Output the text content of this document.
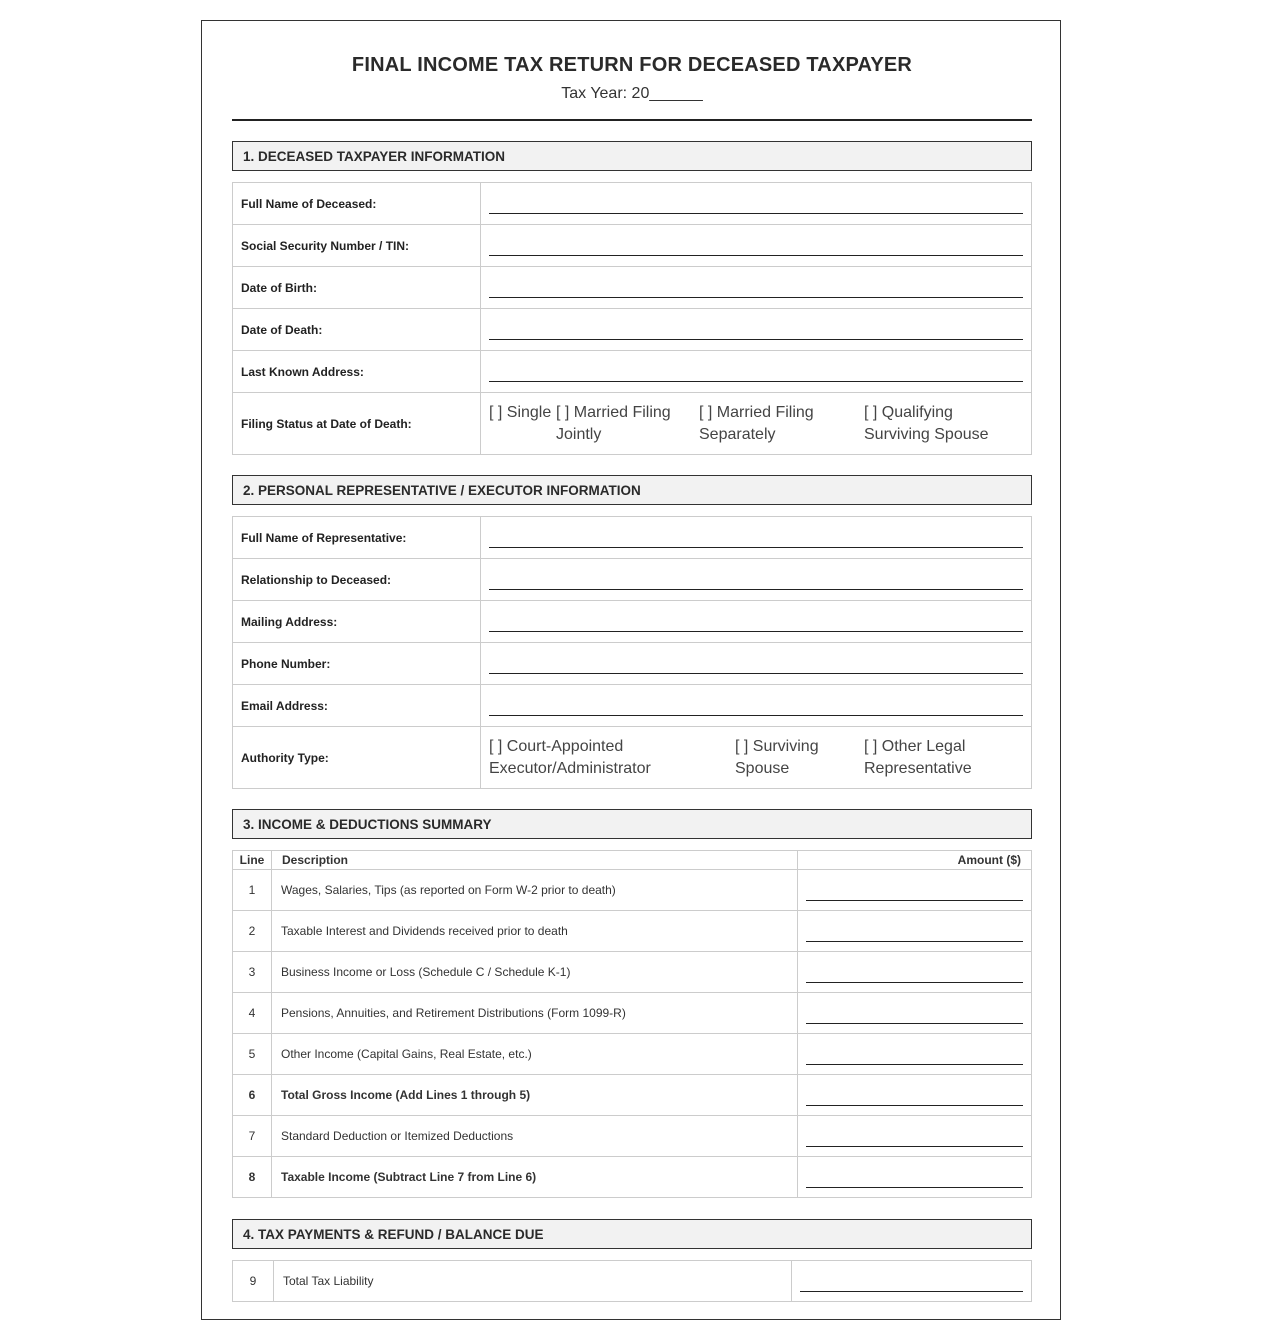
FINAL INCOME TAX RETURN FOR DECEASED TAXPAYER
Tax Year: 20______
1. DECEASED TAXPAYER INFORMATION
Full Name of Deceased:	

Social Security Number / TIN:	

Date of Birth:	

Date of Death:	

Last Known Address:	

Filing Status at Date of Death:	[ ] Single [ ] Married Filing Jointly
[ ] Married Filing Separately
[ ] Qualifying Surviving Spouse
2. PERSONAL REPRESENTATIVE / EXECUTOR INFORMATION
Full Name of Representative:	

Relationship to Deceased:	

Mailing Address:	

Phone Number:	

Email Address:	

Authority Type:	[ ] Court-Appointed Executor/Administrator
[ ] Surviving Spouse
[ ] Other Legal Representative
3. INCOME & DEDUCTIONS SUMMARY
Line	Description	Amount ($)
1	Wages, Salaries, Tips (as reported on Form W-2 prior to death)	

2	Taxable Interest and Dividends received prior to death	

3	Business Income or Loss (Schedule C / Schedule K-1)	

4	Pensions, Annuities, and Retirement Distributions (Form 1099-R)	

5	Other Income (Capital Gains, Real Estate, etc.)	

6	Total Gross Income (Add Lines 1 through 5)	

7	Standard Deduction or Itemized Deductions	

8	Taxable Income (Subtract Line 7 from Line 6)	
4. TAX PAYMENTS & REFUND / BALANCE DUE
9	Total Tax Liability	
